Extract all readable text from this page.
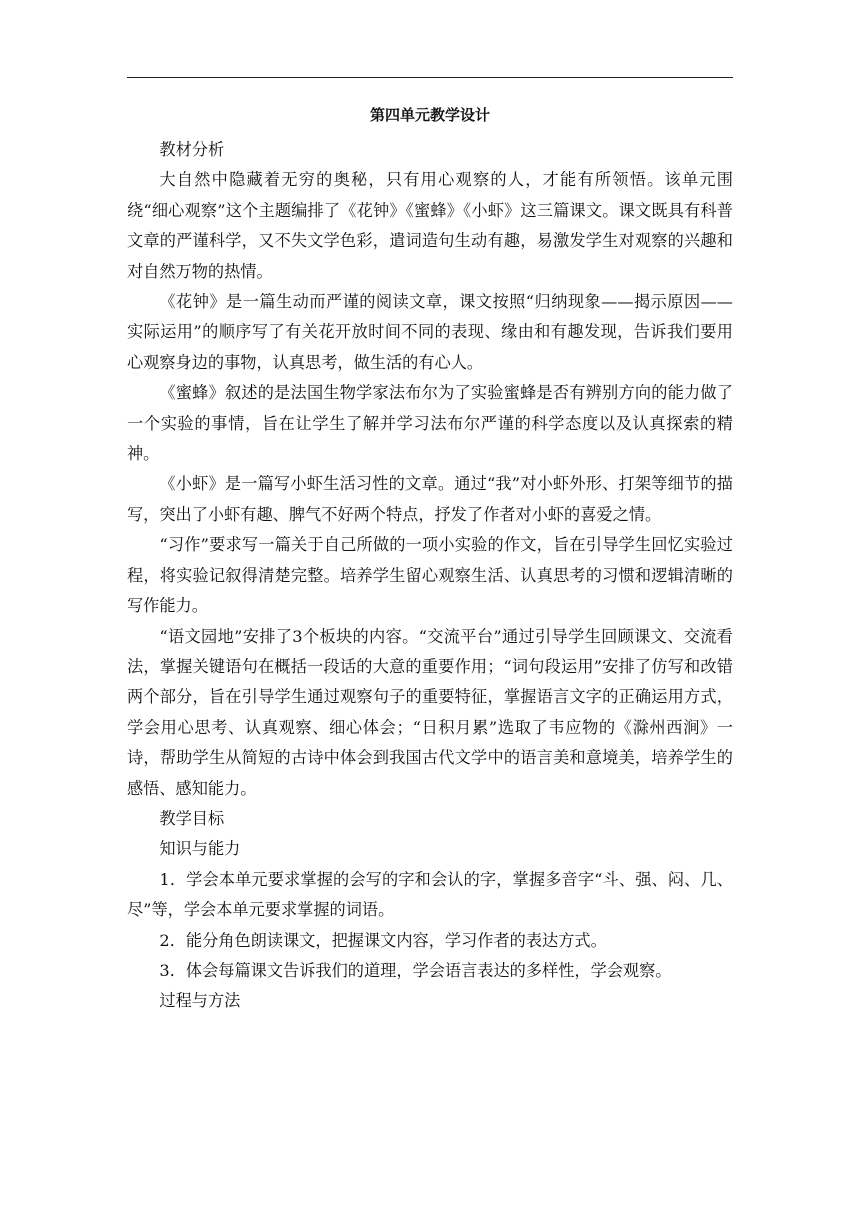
第四单元教学设计

教材分析

大自然中隐藏着无穷的奥秘，只有用心观察的人，才能有所领悟。该单元围绕“细心观察”这个主题编排了《花钟》《蜜蜂》《小虾》这三篇课文。课文既具有科普文章的严谨科学，又不失文学色彩，遣词造句生动有趣，易激发学生对观察的兴趣和对自然万物的热情。

《花钟》是一篇生动而严谨的阅读文章，课文按照“归纳现象——揭示原因——实际运用”的顺序写了有关花开放时间不同的表现、缘由和有趣发现，告诉我们要用心观察身边的事物，认真思考，做生活的有心人。

《蜜蜂》叙述的是法国生物学家法布尔为了实验蜜蜂是否有辨别方向的能力做了一个实验的事情，旨在让学生了解并学习法布尔严谨的科学态度以及认真探索的精神。

《小虾》是一篇写小虾生活习性的文章。通过“我”对小虾外形、打架等细节的描写，突出了小虾有趣、脾气不好两个特点，抒发了作者对小虾的喜爱之情。

“习作”要求写一篇关于自己所做的一项小实验的作文，旨在引导学生回忆实验过程，将实验记叙得清楚完整。培养学生留心观察生活、认真思考的习惯和逻辑清晰的写作能力。

“语文园地”安排了3个板块的内容。“交流平台”通过引导学生回顾课文、交流看法，掌握关键语句在概括一段话的大意的重要作用；“词句段运用”安排了仿写和改错两个部分，旨在引导学生通过观察句子的重要特征，掌握语言文字的正确运用方式，学会用心思考、认真观察、细心体会；“日积月累”选取了韦应物的《滁州西涧》一诗，帮助学生从简短的古诗中体会到我国古代文学中的语言美和意境美，培养学生的感悟、感知能力。

教学目标

知识与能力

1．学会本单元要求掌握的会写的字和会认的字，掌握多音字“斗、强、闷、几、尽”等，学会本单元要求掌握的词语。

2．能分角色朗读课文，把握课文内容，学习作者的表达方式。

3．体会每篇课文告诉我们的道理，学会语言表达的多样性，学会观察。

过程与方法
